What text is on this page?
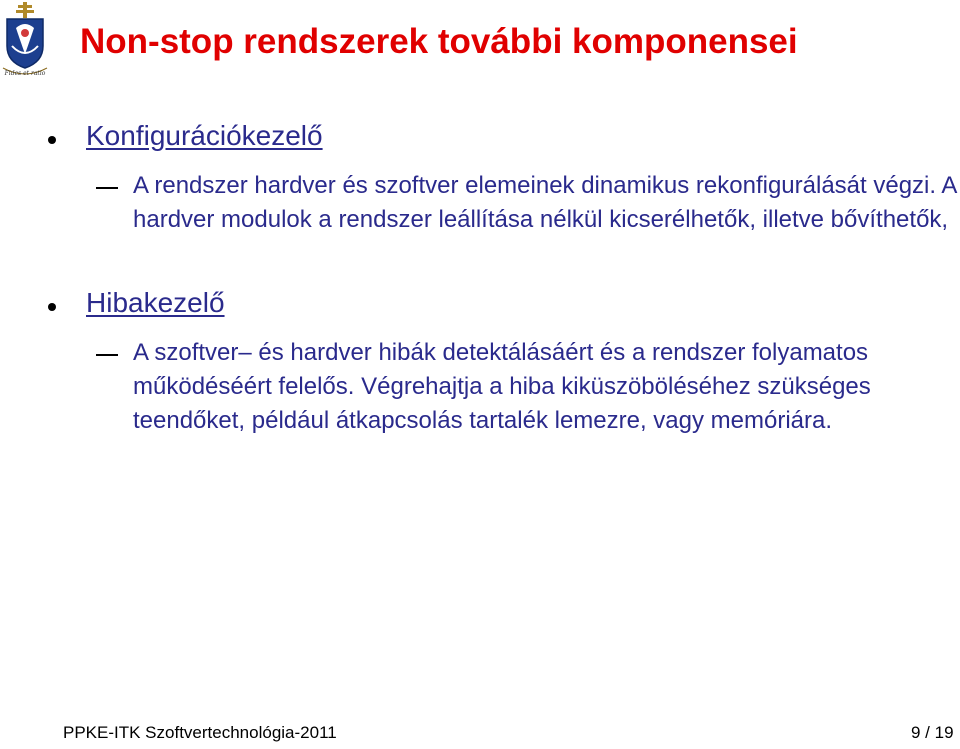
Fides et ratio
Non-stop rendszerek további komponensei
Konfigurációkezelő

A rendszer hardver és szoftver elemeinek dinamikus rekonfigurálását végzi. A hardver modulok a rendszer leállítása nélkül kicserélhetők, illetve bővíthetők,

Hibakezelő

A szoftver– és hardver hibák detektálásáért és a rendszer folyamatos működéséért felelős. Végrehajtja a hiba kiküszöböléséhez szükséges teendőket, például átkapcsolás tartalék lemezre, vagy memóriára.

PPKE-ITK Szoftvertechnológia-2011	9 / 19
